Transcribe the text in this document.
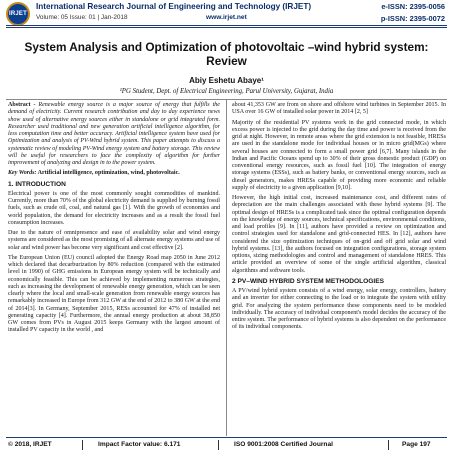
IRJET
International Research Journal of Engineering and Technology (IRJET)	e-ISSN: 2395-0056
Volume: 05 Issue: 01 | Jan-2018	www.irjet.net	p-ISSN: 2395-0072
System Analysis and Optimization of photovoltaic –wind hybrid system: Review
Abiy Eshetu Abaye¹
¹PG Student, Dept. of Electrical Engineering, Parul University, Gujarat, India

Abstract - Renewable energy source is a major source of energy that fulfills the demand of electricity. Current research contribution and day to day experience news show used of alternative energy sources either in standalone or grid integrated form. Researcher used traditional and new generation artificial intelligence algorithm, for less computation time and better accuracy. Artificial intelligence system have used for Optimization and analysis of PV-Wind hybrid system. This paper attempts to discuss a systematic review of modeling PV-Wind energy system and battery storage. This review will be useful for researchers to face the complexity of algorithm for further improvement of analyzing and design in to the power system.

Key Words: Artificial intelligence, optimization, wind, photovoltaic.

1. INTRODUCTION

Electrical power is one of the most commonly sought commodities of mankind. Currently, more than 70% of the global electricity demand is supplied by burning fossil fuels, such as crude oil, coal, and natural gas [1]. With the growth of economies and world population, the demand for electricity increases and as a result the fossil fuel consumption increases.

Due to the nature of omnipresence and ease of availability solar and wind energy systems are considered as the most promising of all alternate energy systems and use of solar and wind power has become very significant and cost effective [2].

The European Union (EU) council adopted the Energy Road map 2050 in June 2012 which declared that decarburization by 80% reduction (compared with the estimated level in 1990) of GHG emissions in European energy system will be technically and economically feasible. This can be achieved by implementing numerous strategies, such as increasing the development of renewable energy generation, which can be seen clearly where the local and small-scale generation from renewable energy sources has remarkably increased in Europe from 312 GW at the end of 2012 to 380 GW at the end of 2014[3]. In Germany, September 2015, RESs accounted for 47% of installed net generating capacity [4]. Furthermore, the annual energy production at about 38,850 GW comes from PVs in August 2015 keeps Germany with the largest amount of installed PV capacity in the world , and

about 41,353 GW are from on shore and offshore wind turbines in September 2015. In USA over 16 GW of installed solar power in 2014 [2, 5]

Majority of the residential PV systems work in the grid connected mode, in which excess power is injected to the grid during the day time and power is received from the grid at night. However, in remote areas where the grid extension is not feasible, HRESs are used in the standalone mode for individual houses or in micro grid(MGs) where several houses are connected to form a small power grid [6,7]. Many islands in the Indian and Pacific Oceans spend up to 30% of their gross domestic product (GDP) on conventional energy resources, such as fossil fuel [10]. The integration of energy storage systems (ESSs), such as battery banks, or conventional energy sources, such as diesel generators, makes HRESs capable of providing more economic and reliable supply of electricity to a given application [9,10].

However, the high initial cost, increased maintenance cost, and different rates of depreciation are the main challenges associated with these hybrid systems [9]. The optimal design of HRESs is a complicated task since the optimal configuration depends on the knowledge of energy sources, technical specifications, environmental conditions, and load profiles [9]. In [11], authors have provided a review on optimization and control strategies used for standalone and grid-connected HES. In [12], authors have considered the size optimization techniques of on-grid and off grid solar and wind hybrid systems. [13], the authors focused on integration configurations, storage system options, sizing methodologies and control and management of standalone HRES. This article provided an overview of some of the single artificial algorithm, classical algorithms and software tools.

2 PV–WIND HYBRID SYSTEM METHODOLOGIES

A PV/wind hybrid system consists of a wind energy, solar energy, controllers, battery and an inverter for either connecting to the load or to integrate the system with utility grid. For analyzing the system performance these components need to be modeled individually. The accuracy of individual component's model decides the accuracy of the entire system. The performance of hybrid systems is also dependent on the performance of its individual components.

© 2018, IRJET	Impact Factor value: 6.171	ISO 9001:2008 Certified Journal	Page 197
